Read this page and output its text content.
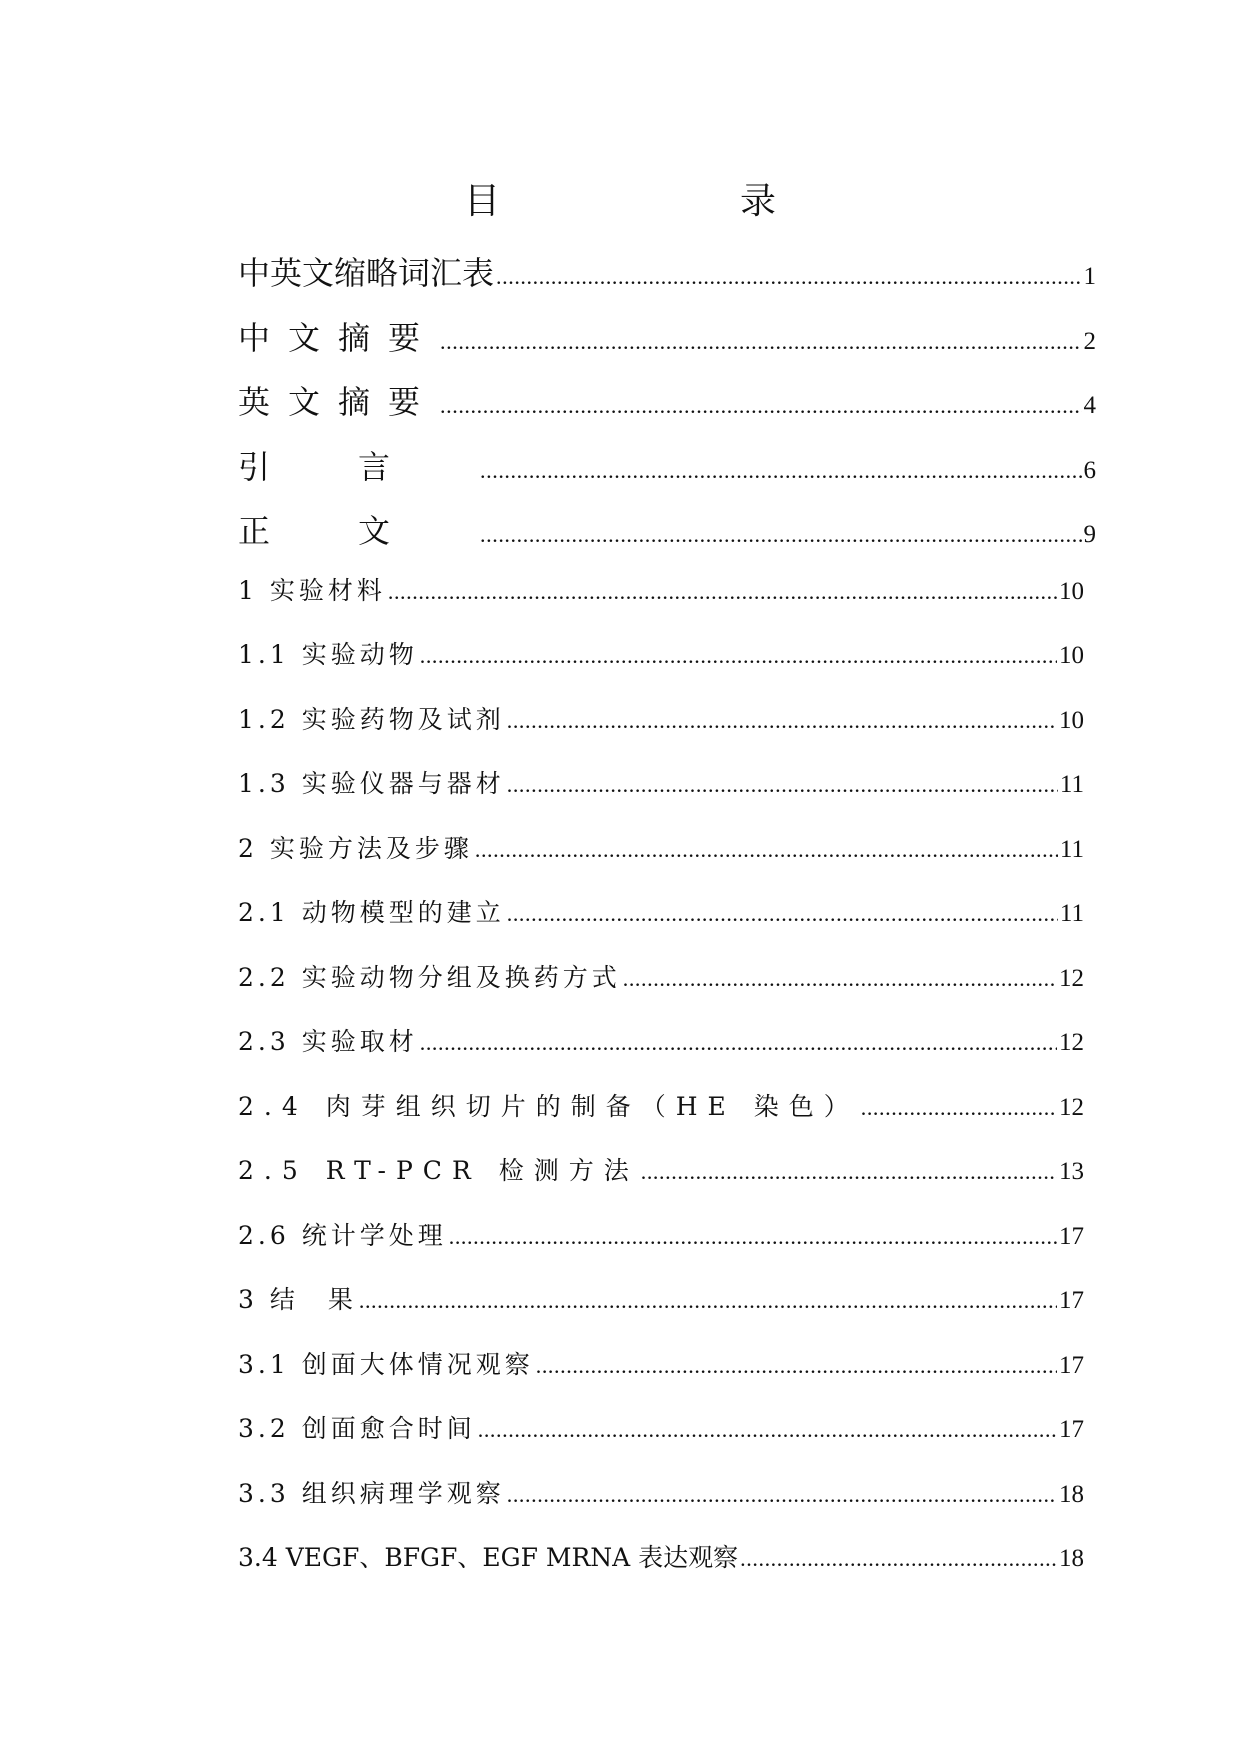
目　　录
中英文缩略词汇表 .....	1
中文摘要 .....	2
英文摘要 .....	4
引言 .....	6
正文 .....	9
1 实验材料 .....	10
1.1 实验动物 .....	10
1.2 实验药物及试剂 .....	10
1.3 实验仪器与器材 .....	11
2 实验方法及步骤 .....	11
2.1 动物模型的建立 .....	11
2.2 实验动物分组及换药方式 .....	12
2.3 实验取材 .....	12
2.4 肉芽组织切片的制备（HE 染色） .....	12
2.5 RT-PCR 检测方法 .....	13
2.6 统计学处理 .....	17
3 结　果 .....	17
3.1 创面大体情况观察 .....	17
3.2 创面愈合时间 .....	17
3.3 组织病理学观察 .....	18
3.4 VEGF、BFGF、EGF MRNA 表达观察 .....	18
